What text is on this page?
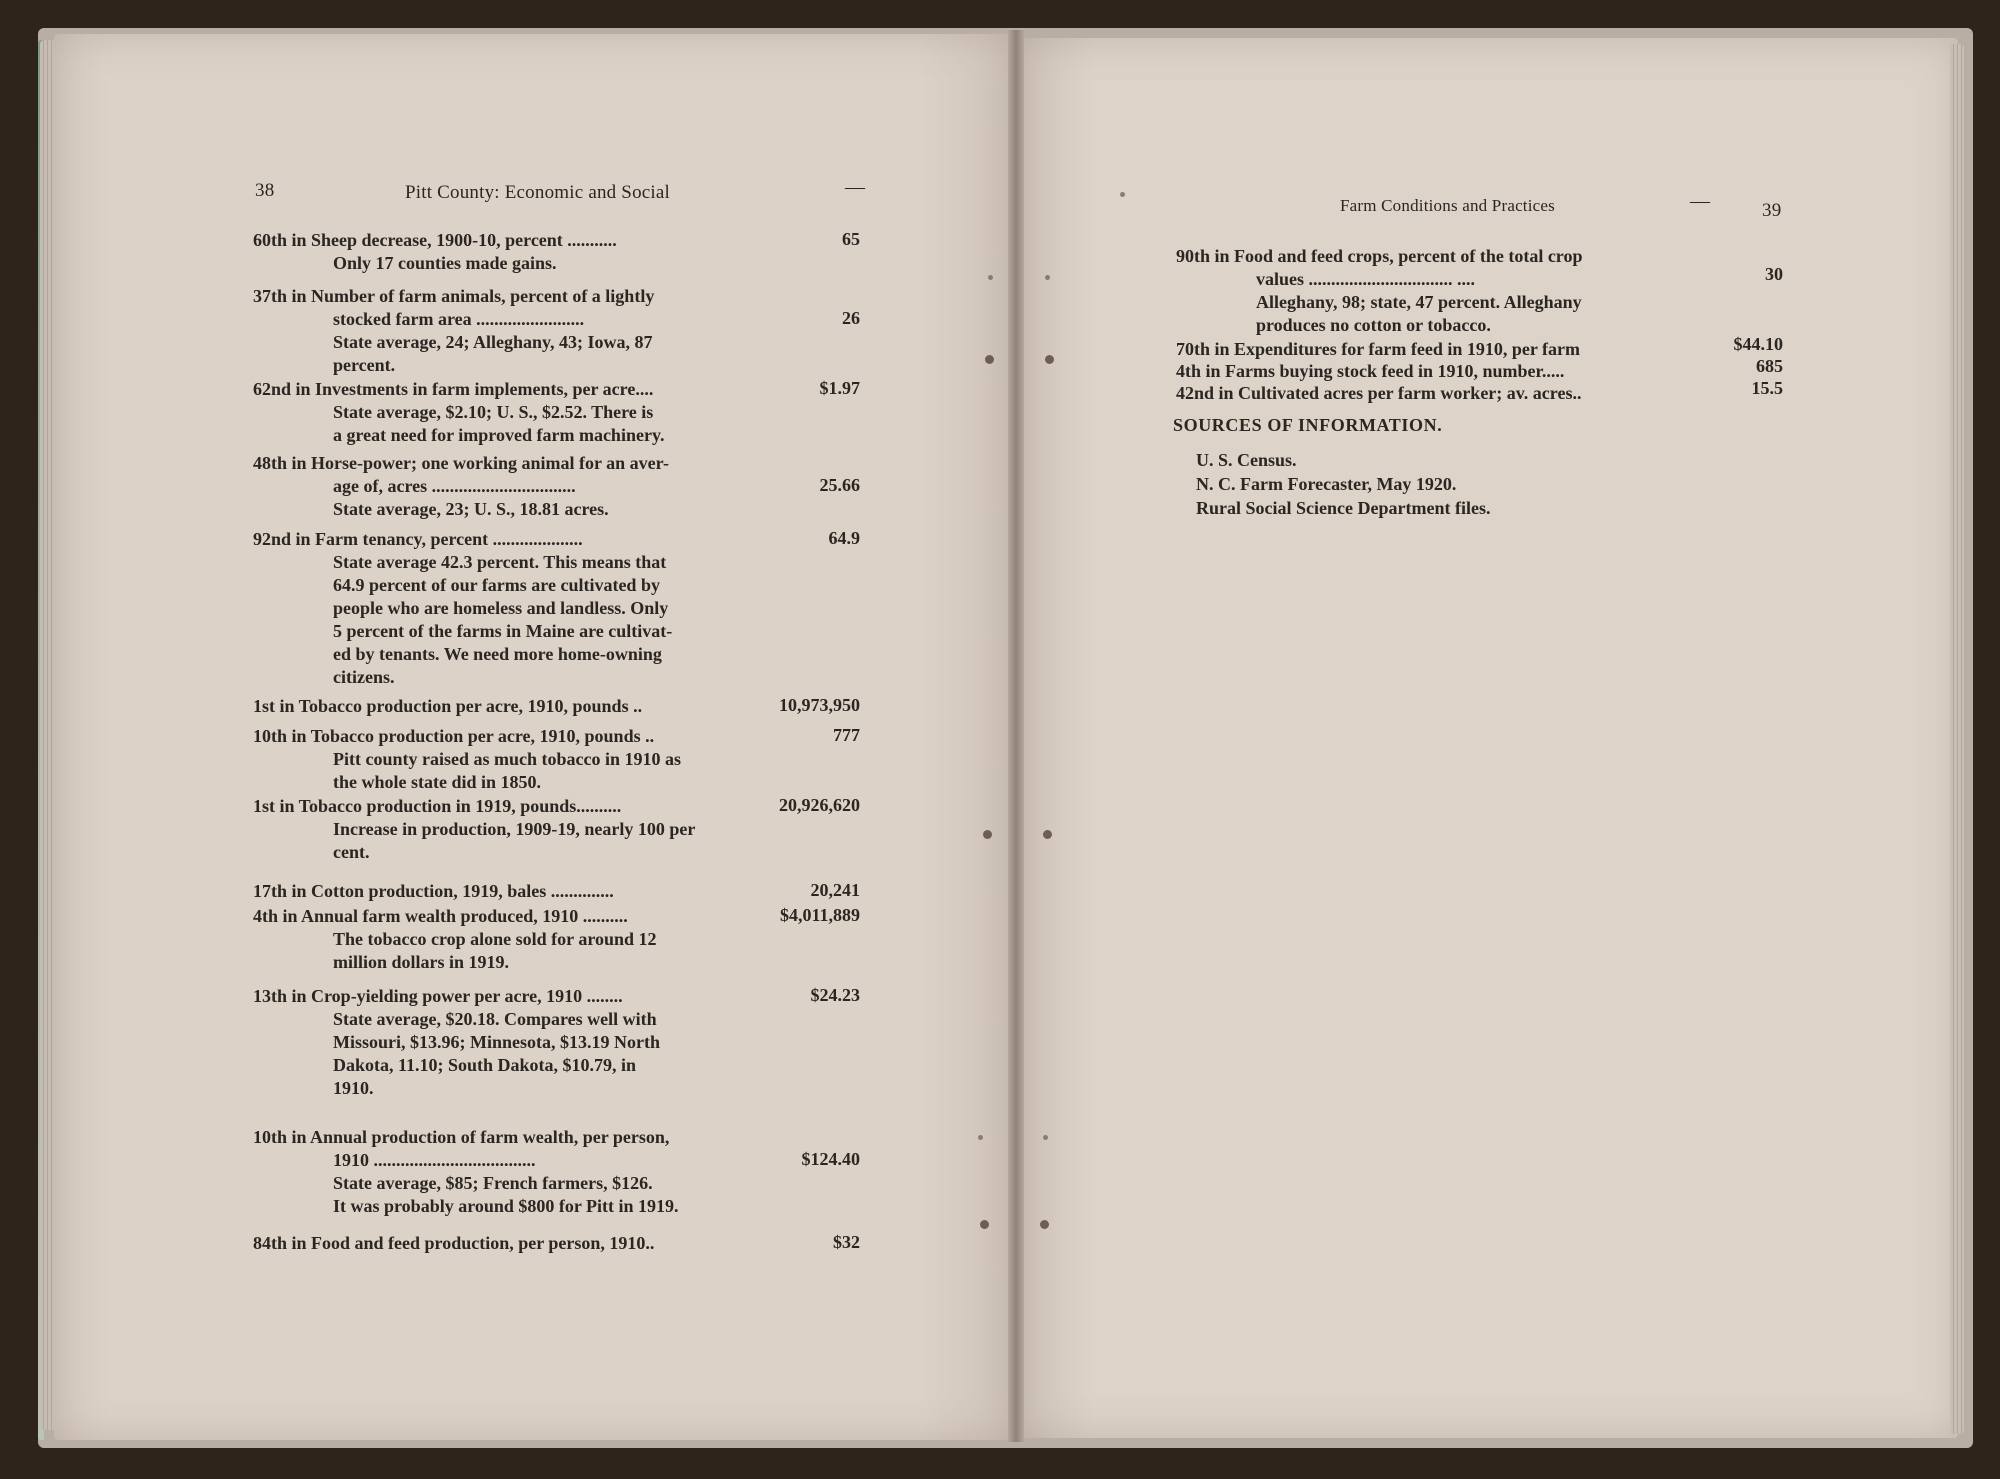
38	Pitt County: Economic and Social	—
Farm Conditions and Practices	—	39
SOURCES OF INFORMATION.
U. S. Census.
N. C. Farm Forecaster, May 1920.
Rural Social Science Department files.
60th in Sheep decrease, 1900-10, percent ...........	65
Only 17 counties made gains.
37th in Number of farm animals, percent of a lightly
stocked farm area ........................	26
State average, 24; Alleghany, 43; Iowa, 87
percent.
62nd in Investments in farm implements, per acre....	$1.97
State average, $2.10; U. S., $2.52. There is
a great need for improved farm machinery.
48th in Horse-power; one working animal for an aver-
age of, acres ................................	25.66
State average, 23; U. S., 18.81 acres.
92nd in Farm tenancy, percent ....................	64.9
State average 42.3 percent. This means that
64.9 percent of our farms are cultivated by
people who are homeless and landless. Only
5 percent of the farms in Maine are cultivat-
ed by tenants. We need more home-owning
citizens.
1st in Tobacco production per acre, 1910, pounds ..	10,973,950
10th in Tobacco production per acre, 1910, pounds ..	777
Pitt county raised as much tobacco in 1910 as
the whole state did in 1850.
1st in Tobacco production in 1919, pounds..........	20,926,620
Increase in production, 1909-19, nearly 100 per
cent.
17th in Cotton production, 1919, bales ..............	20,241
4th in Annual farm wealth produced, 1910 ..........	$4,011,889
The tobacco crop alone sold for around 12
million dollars in 1919.
13th in Crop-yielding power per acre, 1910 ........	$24.23
State average, $20.18. Compares well with
Missouri, $13.96; Minnesota, $13.19 North
Dakota, 11.10; South Dakota, $10.79, in
1910.
10th in Annual production of farm wealth, per person,
1910 ....................................	$124.40
State average, $85; French farmers, $126.
It was probably around $800 for Pitt in 1919.
84th in Food and feed production, per person, 1910..	$32
90th in Food and feed crops, percent of the total crop
values ................................ ....	30
Alleghany, 98; state, 47 percent. Alleghany
produces no cotton or tobacco.
70th in Expenditures for farm feed in 1910, per farm	$44.10
4th in Farms buying stock feed in 1910, number.....	685
42nd in Cultivated acres per farm worker; av. acres..	15.5
